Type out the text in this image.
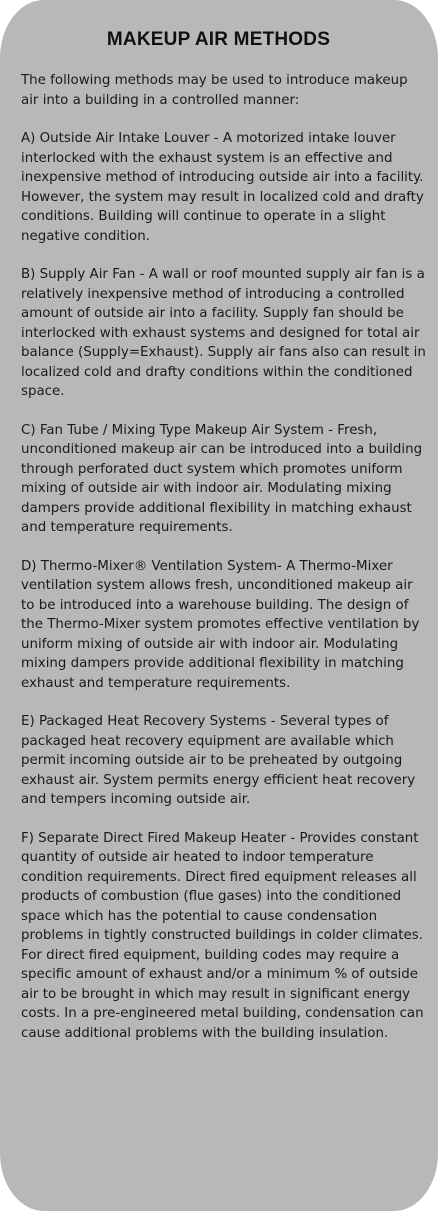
MAKEUP AIR METHODS

The following methods may be used to introduce makeup air into a building in a controlled manner:

A) Outside Air Intake Louver - A motorized intake louver interlocked with the exhaust system is an effective and inexpensive method of introducing outside air into a facility. However, the system may result in localized cold and drafty conditions. Building will continue to operate in a slight negative condition.

B) Supply Air Fan - A wall or roof mounted supply air fan is a relatively inexpensive method of introducing a controlled amount of outside air into a facility. Supply fan should be interlocked with exhaust systems and designed for total air balance (Supply=Exhaust). Supply air fans also can result in localized cold and drafty conditions within the conditioned space.

C) Fan Tube / Mixing Type Makeup Air System - Fresh, unconditioned makeup air can be introduced into a building through perforated duct system which promotes uniform mixing of outside air with indoor air. Modulating mixing dampers provide additional flexibility in matching exhaust and temperature requirements.

D) Thermo-Mixer® Ventilation System- A Thermo-Mixer ventilation system allows fresh, unconditioned makeup air to be introduced into a warehouse building. The design of the Thermo-Mixer system promotes effective ventilation by uniform mixing of outside air with indoor air. Modulating mixing dampers provide additional flexibility in matching exhaust and temperature requirements.

E) Packaged Heat Recovery Systems - Several types of packaged heat recovery equipment are available which permit incoming outside air to be preheated by outgoing exhaust air. System permits energy efficient heat recovery and tempers incoming outside air.

F) Separate Direct Fired Makeup Heater - Provides constant quantity of outside air heated to indoor temperature condition requirements. Direct fired equipment releases all products of combustion (flue gases) into the conditioned space which has the potential to cause condensation problems in tightly constructed buildings in colder climates. For direct fired equipment, building codes may require a specific amount of exhaust and/or a minimum % of outside air to be brought in which may result in significant energy costs. In a pre-engineered metal building, condensation can cause additional problems with the building insulation.
